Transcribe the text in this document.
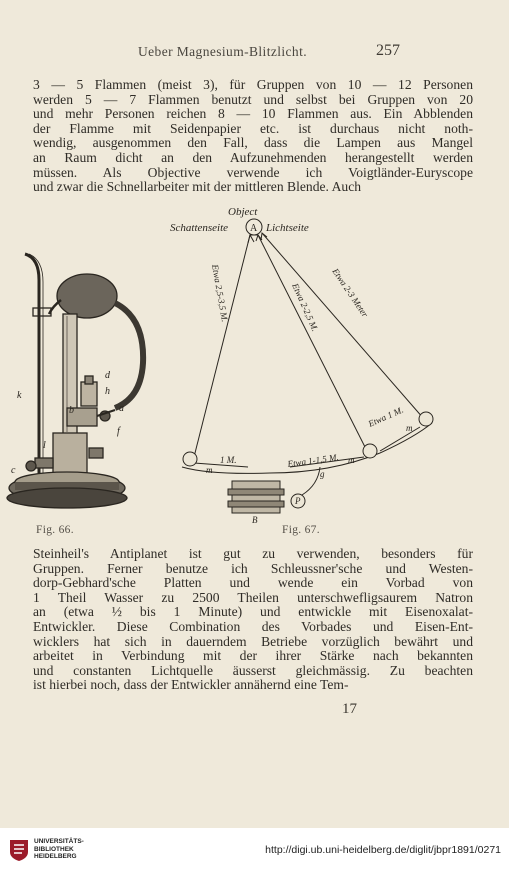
Ueber Magnesium-Blitzlicht.	257
3 — 5 Flammen (meist 3), für Gruppen von 10 — 12 Personen
werden 5 — 7 Flammen benutzt und selbst bei Gruppen von 20
und mehr Personen reichen 8 — 10 Flammen aus. Ein Abblenden
der Flamme mit Seidenpapier etc. ist durchaus nicht noth-
wendig, ausgenommen den Fall, dass die Lampen aus Mangel
an Raum dicht an den Aufzunehmenden herangestellt werden
müssen. Als Objective verwende ich Voigtländer-Euryscope
und zwar die Schnellarbeiter mit der mittleren Blende. Auch
k
d
h
b	a
f
l
c
Object
Schattenseite	Lichtseite
A
Etwa 2,5-3,5 M.	Etwa 2-2,5 M. Etwa 2-3 Meter
Etwa 1 M.
1 M.	Etwa 1-1,5 M.
m
m
m
g
P
B
Fig. 66.	Fig. 67.
Steinheil's Antiplanet ist gut zu verwenden, besonders für
Gruppen. Ferner benutze ich Schleussner'sche und Westen-
dorp-Gebhard'sche Platten und wende ein Vorbad von
1 Theil Wasser zu 2500 Theilen unterschwefligsaurem Natron
an (etwa ½ bis 1 Minute) und entwickle mit Eisenoxalat-
Entwickler. Diese Combination des Vorbades und Eisen-Ent-
wicklers hat sich in dauerndem Betriebe vorzüglich bewährt und
arbeitet in Verbindung mit der ihrer Stärke nach bekannten
und constanten Lichtquelle äusserst gleichmässig. Zu beachten
ist hierbei noch, dass der Entwickler annähernd eine Tem-
17
UNIVERSITÄTS-
BIBLIOTHEK
HEIDELBERG
http://digi.ub.uni-heidelberg.de/diglit/jbpr1891/0271
